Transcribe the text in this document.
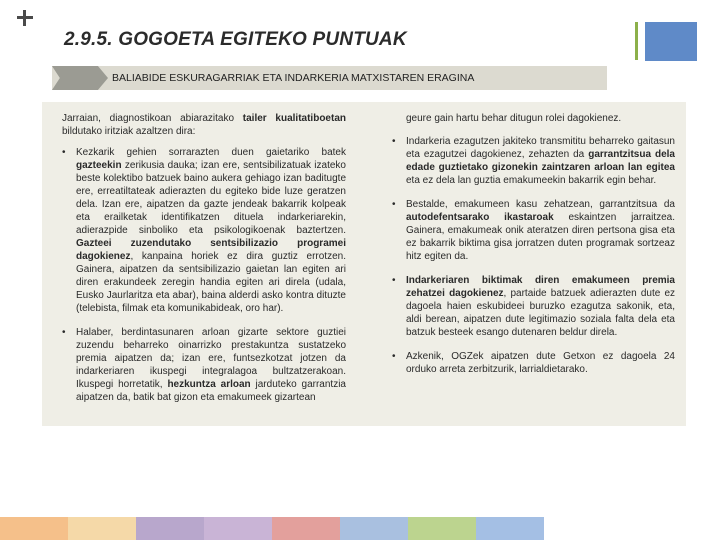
2.9.5. GOGOETA EGITEKO PUNTUAK
BALIABIDE ESKURAGARRIAK ETA INDARKERIA MATXISTAREN ERAGINA

Jarraian, diagnostikoan abiarazitako tailer kualitatiboetan bildutako iritziak azaltzen dira:

• Kezkarik gehien sorrarazten duen gaietariko batek gazteekin zerikusia dauka; izan ere, sentsibilizatuak izateko beste kolektibo batzuek baino aukera gehiago izan baditugte ere, erreatiltateak adierazten du egiteko bide luze geratzen dela. Izan ere, aipatzen da gazte jendeak bakarrik kolpeak eta erailketak identifikatzen dituela indarkeriarekin, adierazpide sinboliko eta psikologikoenak baztertzen. Gazteei zuzendutako sentsibilizazio programei dagokienez, kanpaina horiek ez dira guztiz errotzen. Gainera, aipatzen da sentsibilizazio gaietan lan egiten ari diren erakundeek zeregin handia egiten ari direla (udala, Eusko Jaurlaritza eta abar), baina alderdi asko kontra dituzte (telebista, filmak eta komunikabideak, oro har).
• Halaber, berdintasunaren arloan gizarte sektore guztiei zuzendu beharreko oinarrizko prestakuntza sustatzeko premia aipatzen da; izan ere, funtsezkotzat jotzen da indarkeriaren ikuspegi integralagoa bultzatzerakoan. Ikuspegi horretatik, hezkuntza arloan jarduteko garrantzia aipatzen da, batik bat gizon eta emakumeek gizartean

geure gain hartu behar ditugun rolei dagokienez.

• Indarkeria ezagutzen jakiteko transmititu beharreko gaitasun eta ezagutzei dagokienez, zehazten da garrantzitsua dela edade guztietako gizonekin zaintzaren arloan lan egitea eta ez dela lan guztia emakumeekin bakarrik egin behar.
• Bestalde, emakumeen kasu zehatzean, garrantzitsua da autodefentsarako ikastaroak eskaintzen jarraitzea. Gainera, emakumeak onik ateratzen diren pertsona gisa eta ez bakarrik biktima gisa jorratzen duten programak sortzeaz hitz egiten da.
• Indarkeriaren biktimak diren emakumeen premia zehatzei dagokienez, partaide batzuek adierazten dute ez dagoela haien eskubideei buruzko ezagutza sakonik, eta, aldi berean, aipatzen dute legitimazio soziala falta dela eta batzuk besteek esango dutenaren beldur direla.
• Azkenik, OGZek aipatzen dute Getxon ez dagoela 24 orduko arreta zerbitzurik, larrialdietarako.
